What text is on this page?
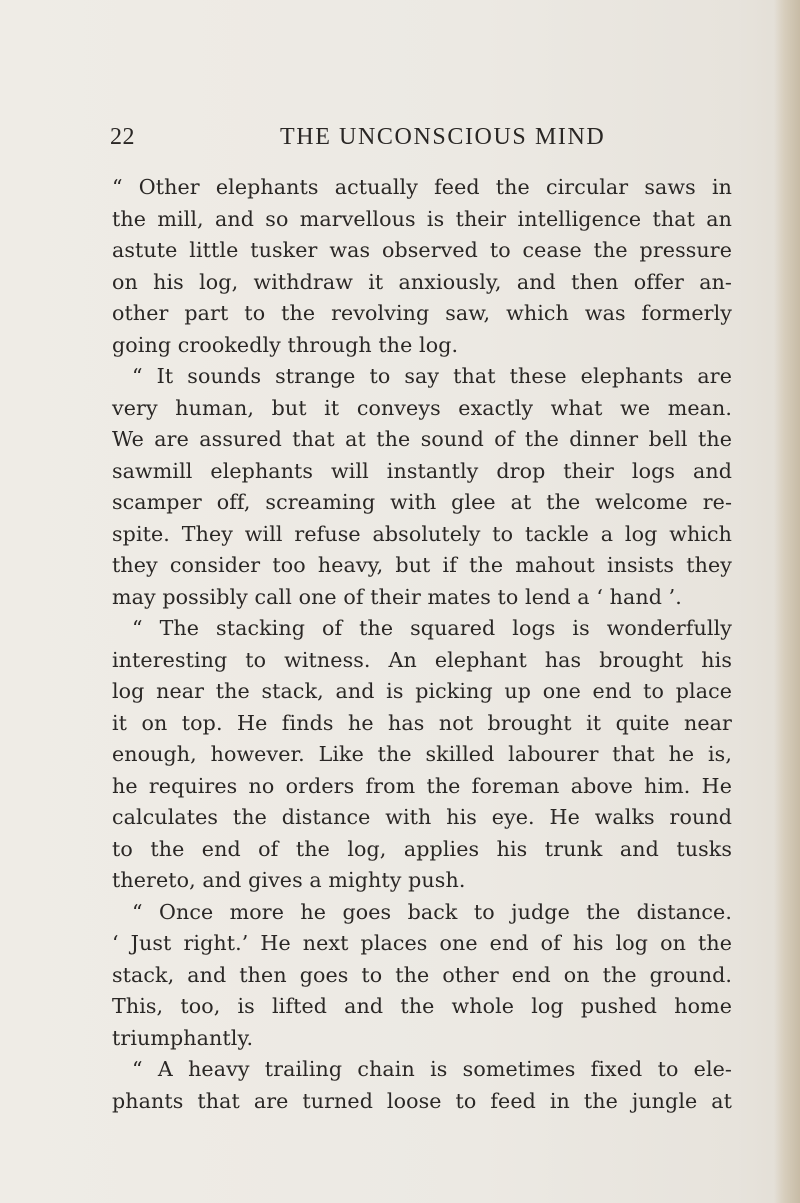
22	THE UNCONSCIOUS MIND
“ Other elephants actually feed the circular saws in
the mill, and so marvellous is their intelligence that an
astute little tusker was observed to cease the pressure
on his log, withdraw it anxiously, and then offer an-
other part to the revolving saw, which was formerly
going crookedly through the log.
“ It sounds strange to say that these elephants are
very human, but it conveys exactly what we mean.
We are assured that at the sound of the dinner bell the
sawmill elephants will instantly drop their logs and
scamper off, screaming with glee at the welcome re-
spite. They will refuse absolutely to tackle a log which
they consider too heavy, but if the mahout insists they
may possibly call one of their mates to lend a ‘ hand ’.
“ The stacking of the squared logs is wonderfully
interesting to witness. An elephant has brought his
log near the stack, and is picking up one end to place
it on top. He finds he has not brought it quite near
enough, however. Like the skilled labourer that he is,
he requires no orders from the foreman above him. He
calculates the distance with his eye. He walks round
to the end of the log, applies his trunk and tusks
thereto, and gives a mighty push.
“ Once more he goes back to judge the distance.
‘ Just right.’ He next places one end of his log on the
stack, and then goes to the other end on the ground.
This, too, is lifted and the whole log pushed home
triumphantly.
“ A heavy trailing chain is sometimes fixed to ele-
phants that are turned loose to feed in the jungle at
